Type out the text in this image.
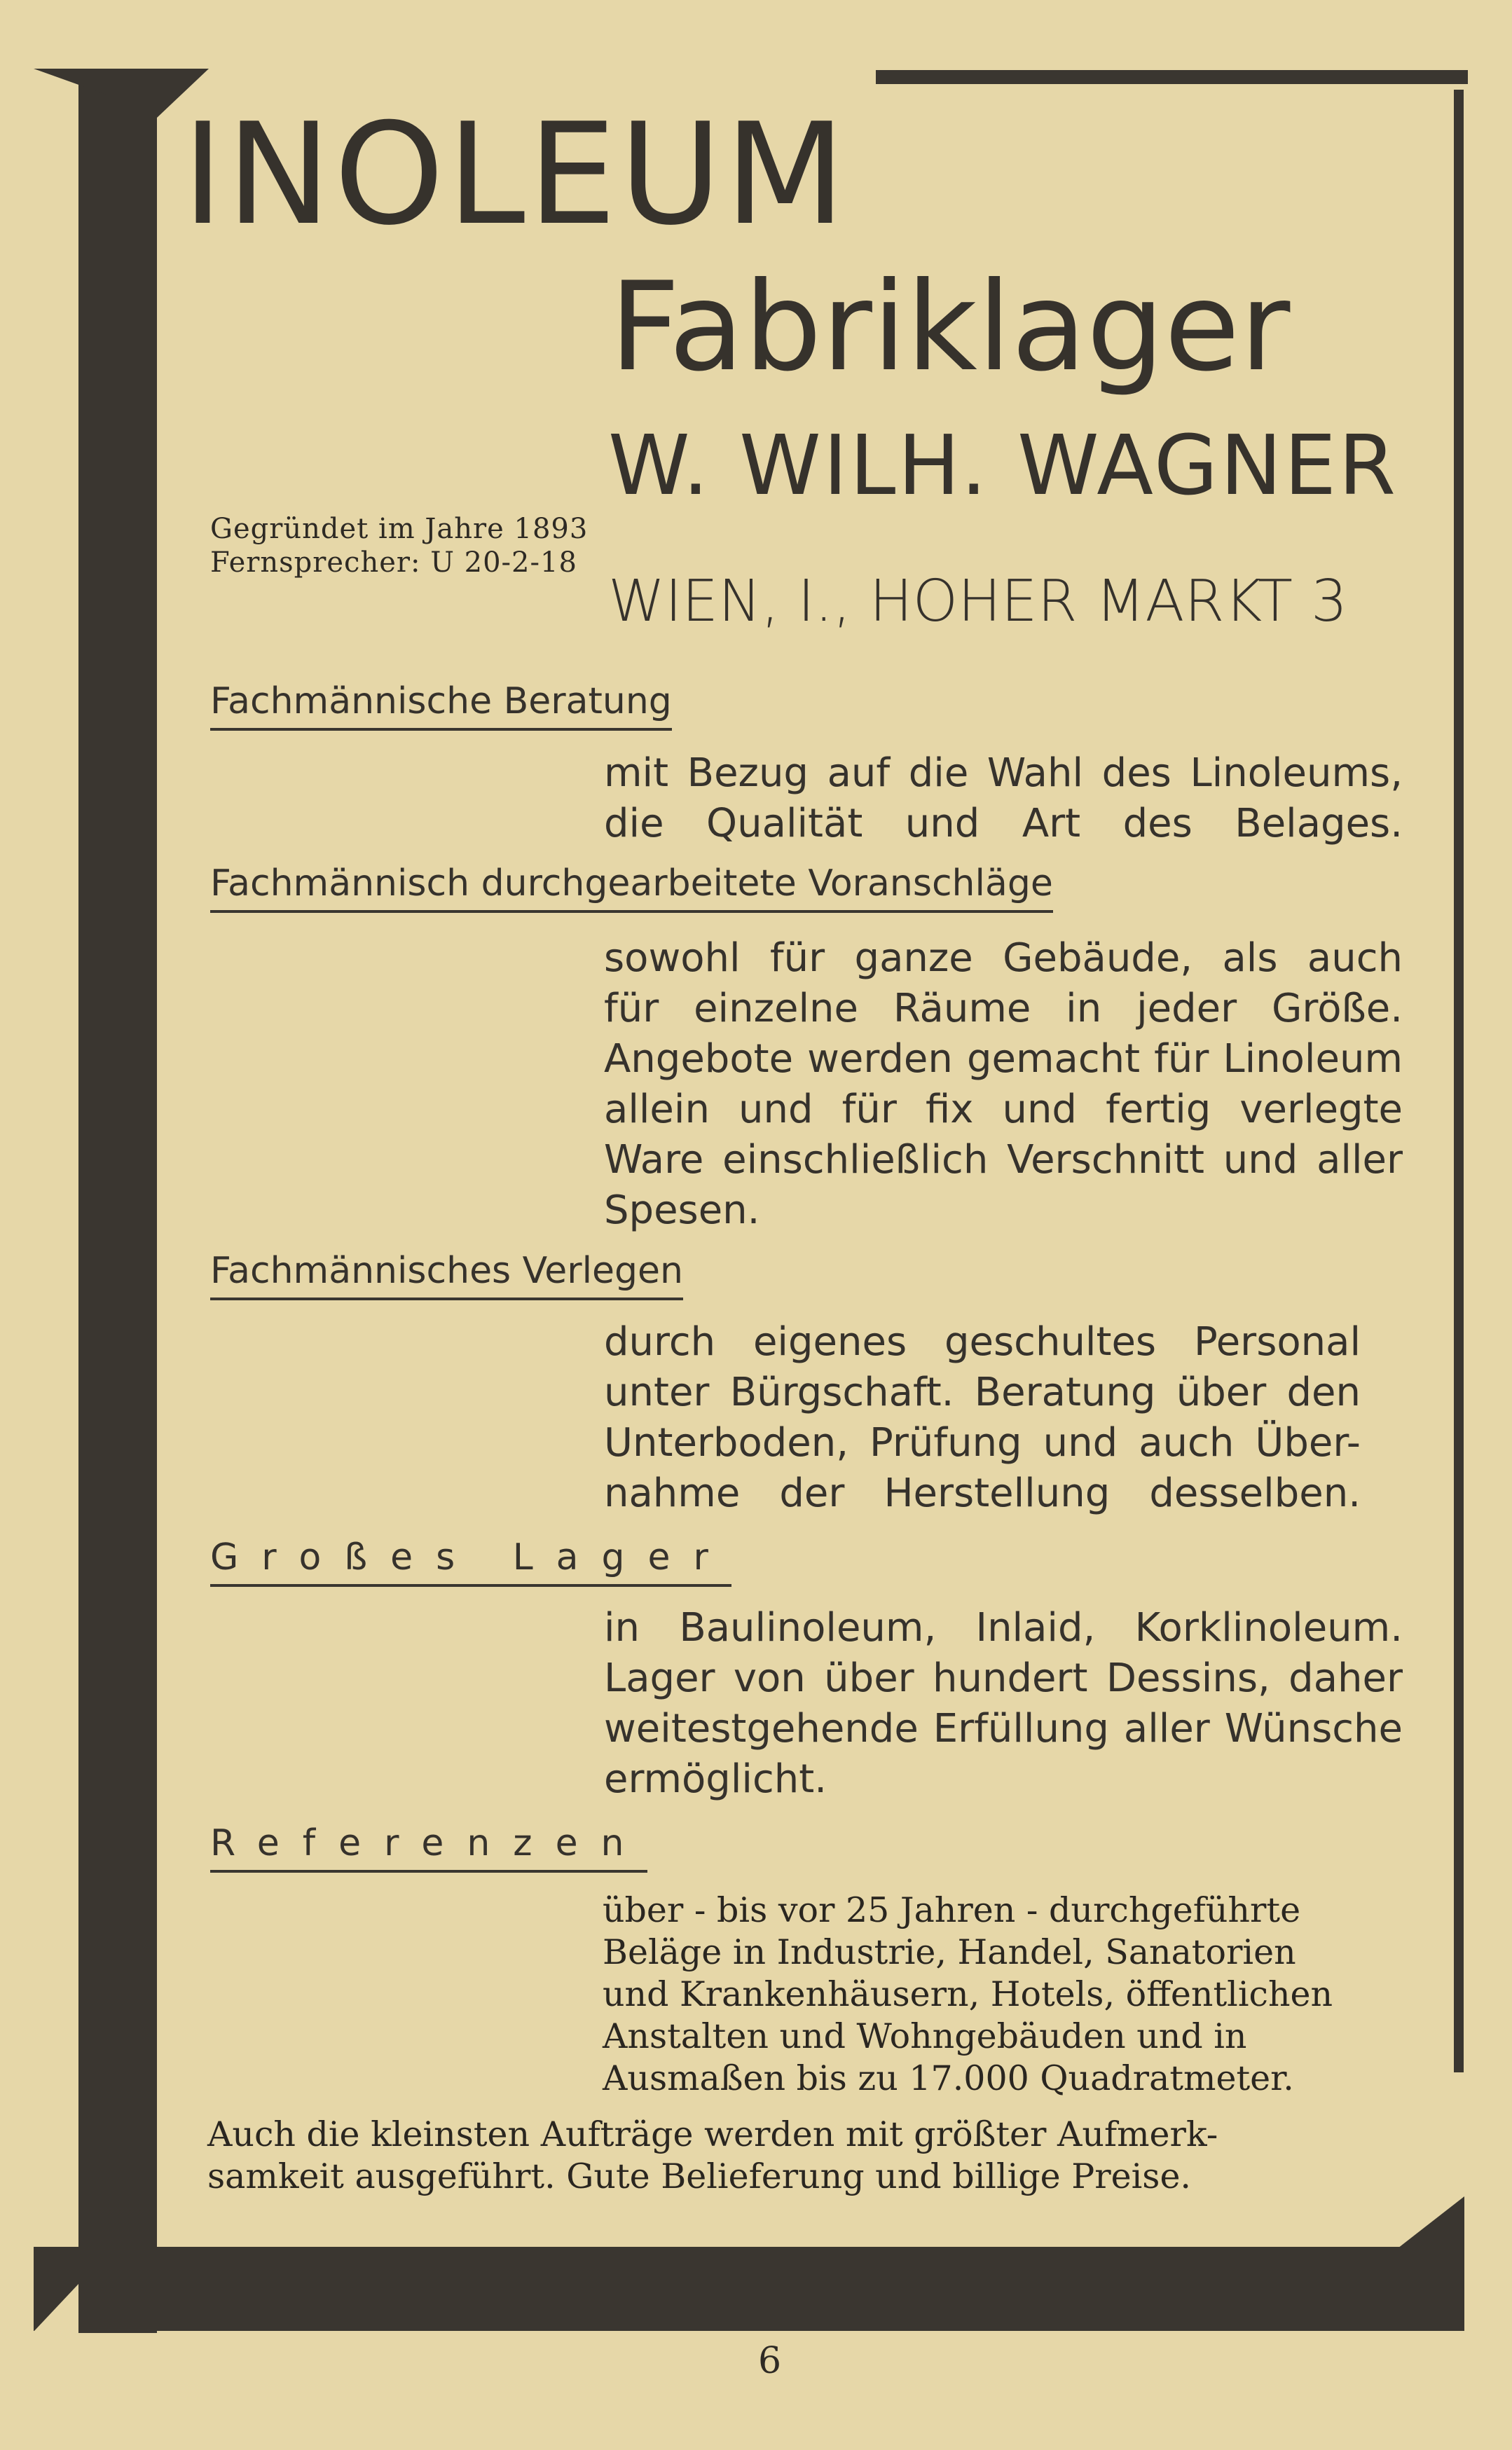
INOLEUM
Fabriklager
W. WILH. WAGNER
Gegründet im Jahre 1893
Fernsprecher: U 20-2-18
WIEN, I., HOHER MARKT 3
Fachmännische Beratung
mit Bezug auf die Wahl des Linoleums,
die Qualität und Art des Belages.
Fachmännisch durchgearbeitete Voranschläge
sowohl für ganze Gebäude, als auch
für einzelne Räume in jeder Größe.
Angebote werden gemacht für Linoleum
allein und für fix und fertig verlegte
Ware einschließlich Verschnitt und aller
Spesen.
Fachmännisches Verlegen
durch eigenes geschultes Personal
unter Bürgschaft. Beratung über den
Unterboden, Prüfung und auch Über-
nahme der Herstellung desselben.
Großes Lager
in Baulinoleum, Inlaid, Korklinoleum.
Lager von über hundert Dessins, daher
weitestgehende Erfüllung aller Wünsche
ermöglicht.
Referenzen
über - bis vor 25 Jahren - durchgeführte
Beläge in Industrie, Handel, Sanatorien
und Krankenhäusern, Hotels, öffentlichen
Anstalten und Wohngebäuden und in
Ausmaßen bis zu 17.000 Quadratmeter.
Auch die kleinsten Aufträge werden mit größter Aufmerk-
samkeit ausgeführt. Gute Belieferung und billige Preise.
6
